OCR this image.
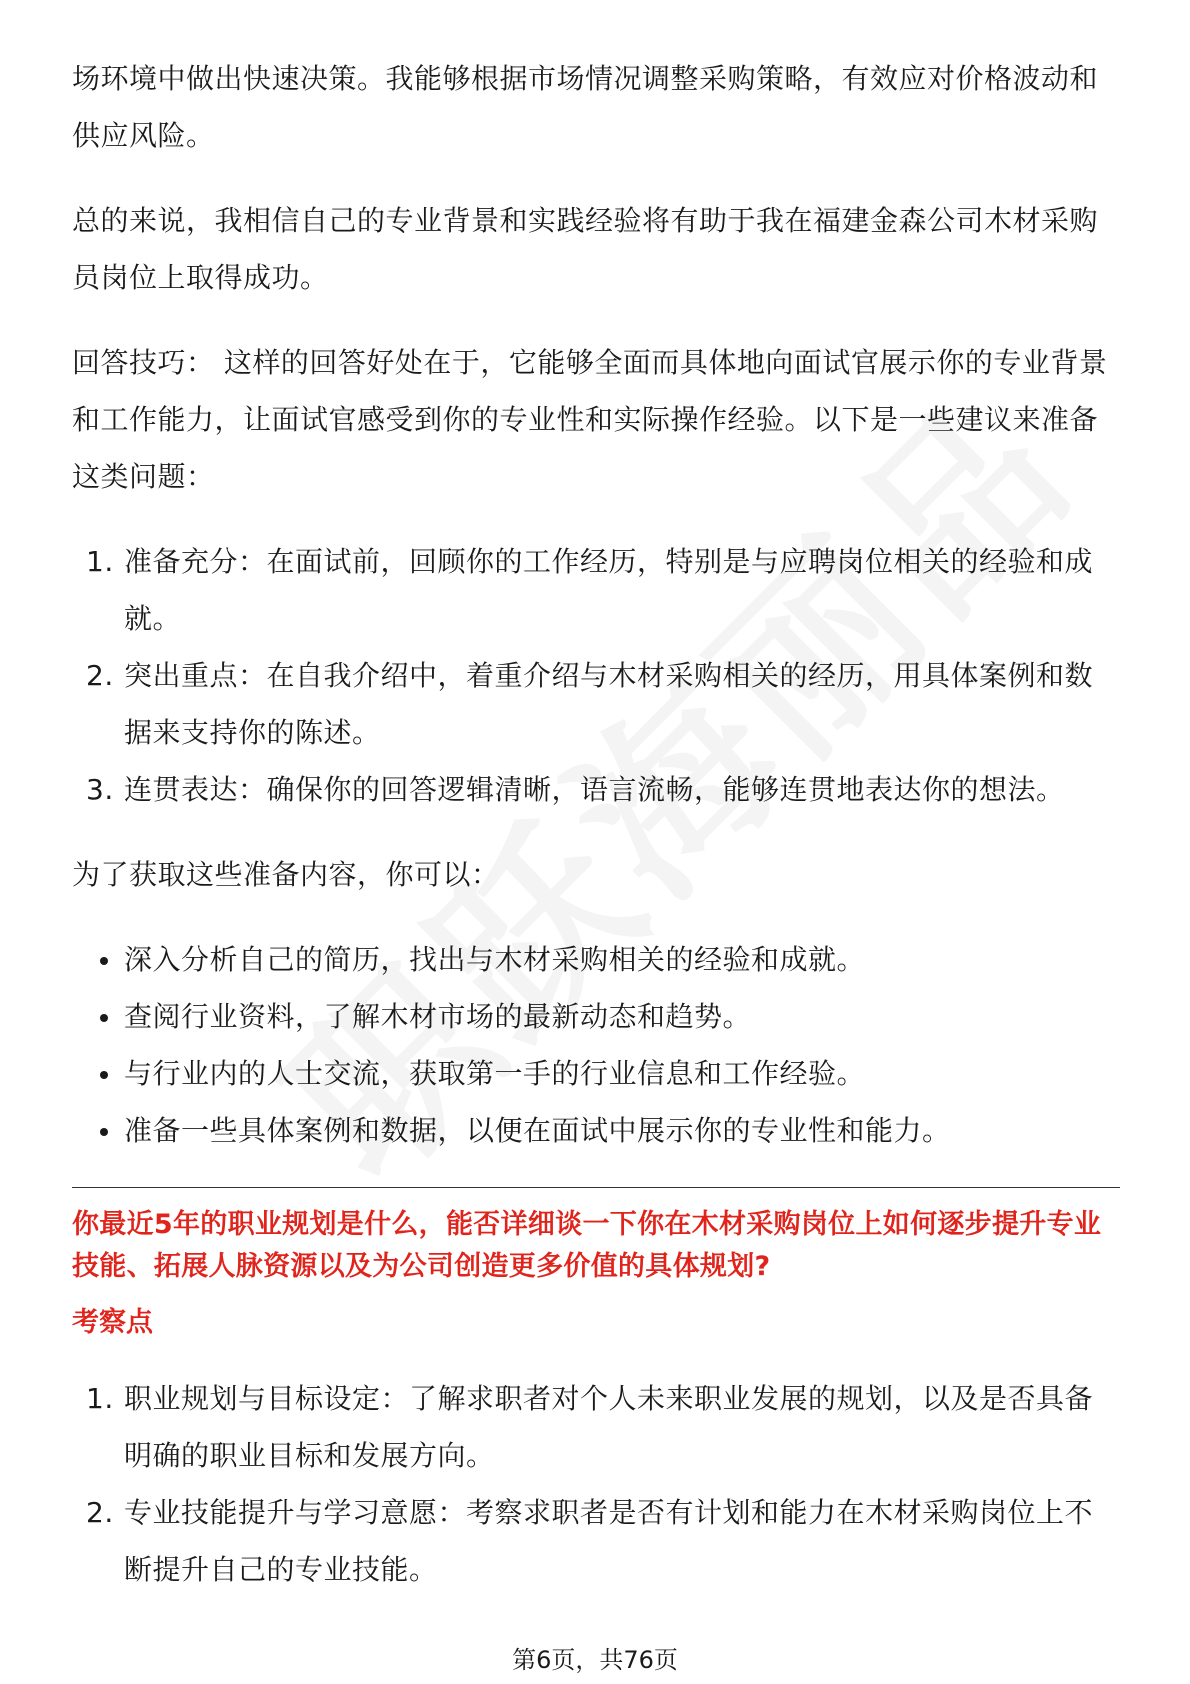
场环境中做出快速决策。我能够根据市场情况调整采购策略，有效应对价格波动和供应风险。

总的来说，我相信自己的专业背景和实践经验将有助于我在福建金森公司木材采购员岗位上取得成功。

回答技巧： 这样的回答好处在于，它能够全面而具体地向面试官展示你的专业背景和工作能力，让面试官感受到你的专业性和实际操作经验。以下是一些建议来准备这类问题：

1. 准备充分：在面试前，回顾你的工作经历，特别是与应聘岗位相关的经验和成就。
2. 突出重点：在自我介绍中，着重介绍与木材采购相关的经历，用具体案例和数据来支持你的陈述。
3. 连贯表达：确保你的回答逻辑清晰，语言流畅，能够连贯地表达你的想法。

为了获取这些准备内容，你可以：

深入分析自己的简历，找出与木材采购相关的经验和成就。
查阅行业资料，了解木材市场的最新动态和趋势。
与行业内的人士交流，获取第一手的行业信息和工作经验。
准备一些具体案例和数据，以便在面试中展示你的专业性和能力。

你最近5年的职业规划是什么，能否详细谈一下你在木材采购岗位上如何逐步提升专业技能、拓展人脉资源以及为公司创造更多价值的具体规划?

考察点

1. 职业规划与目标设定：了解求职者对个人未来职业发展的规划，以及是否具备明确的职业目标和发展方向。
2. 专业技能提升与学习意愿：考察求职者是否有计划和能力在木材采购岗位上不断提升自己的专业技能。
第6页，共76页
